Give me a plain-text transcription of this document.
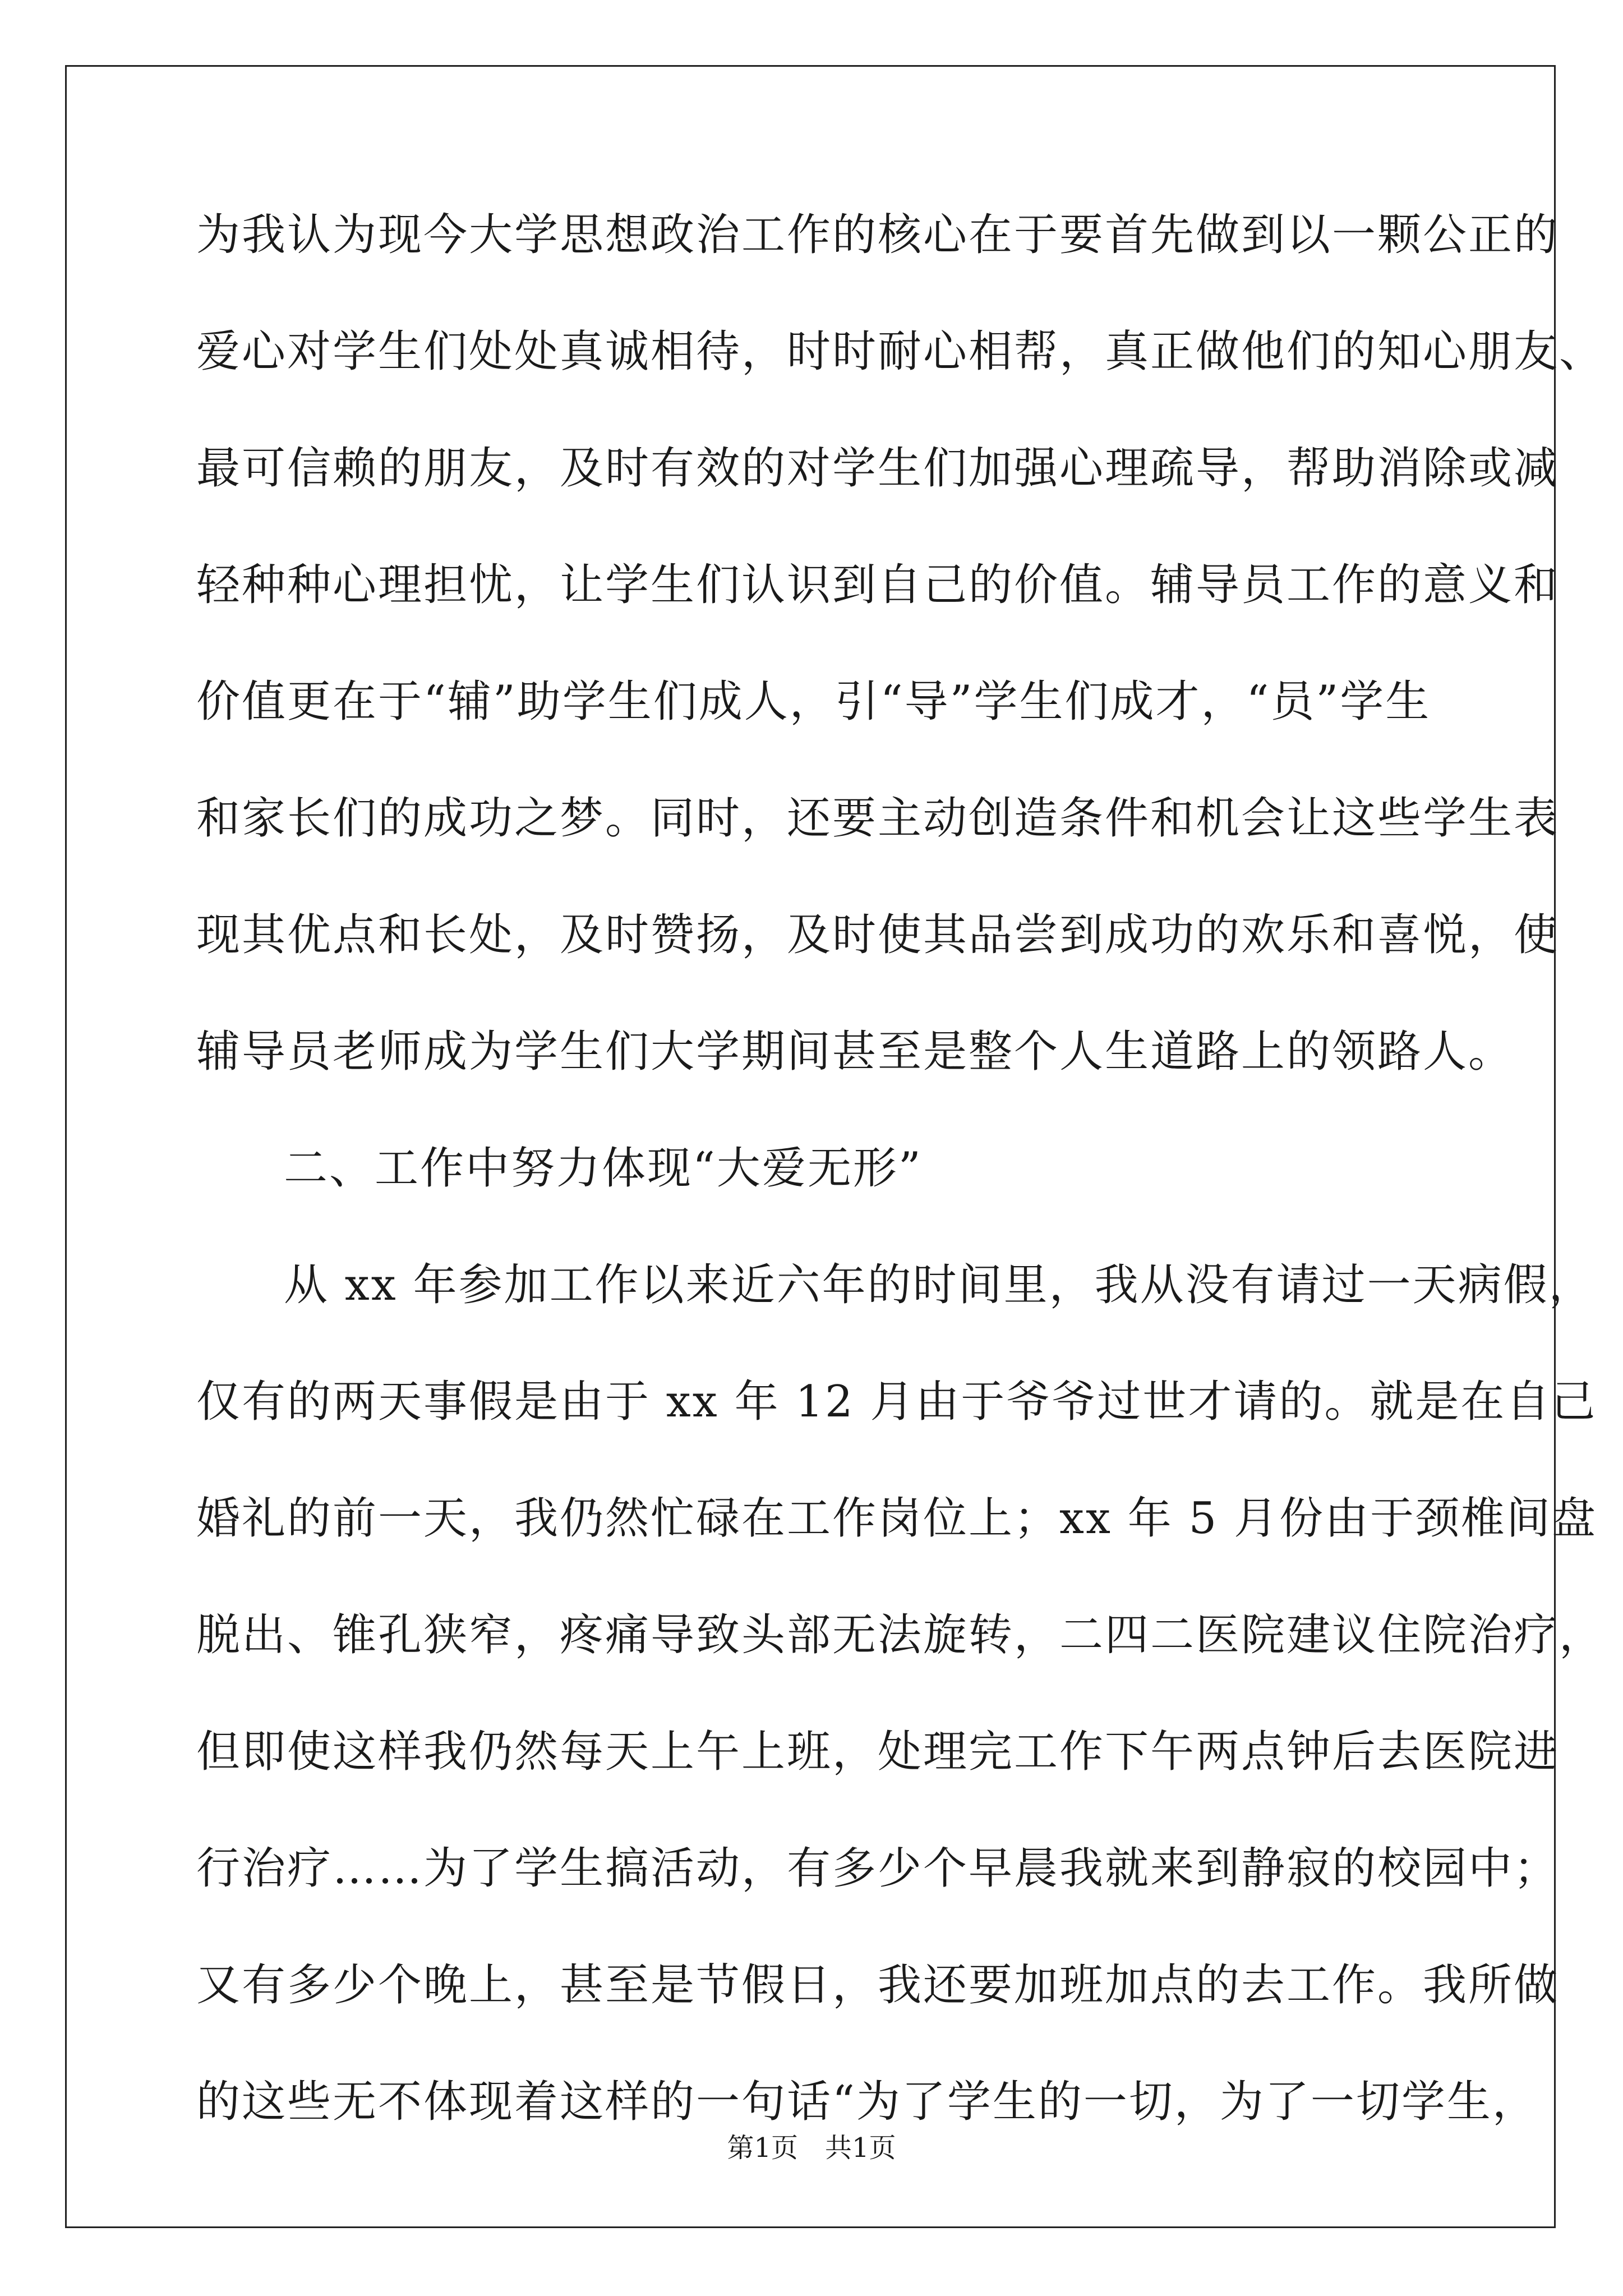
为我认为现今大学思想政治工作的核心在于要首先做到以一颗公正的
爱心对学生们处处真诚相待，时时耐心相帮，真正做他们的知心朋友、
最可信赖的朋友，及时有效的对学生们加强心理疏导，帮助消除或减
轻种种心理担忧，让学生们认识到自己的价值。辅导员工作的意义和
价值更在于“辅”助学生们成人，引“导”学生们成才，“员”学生
和家长们的成功之梦。同时，还要主动创造条件和机会让这些学生表
现其优点和长处，及时赞扬，及时使其品尝到成功的欢乐和喜悦，使
辅导员老师成为学生们大学期间甚至是整个人生道路上的领路人。
二、工作中努力体现“大爱无形”
从 xx 年参加工作以来近六年的时间里，我从没有请过一天病假，
仅有的两天事假是由于 xx 年 12 月由于爷爷过世才请的。就是在自己
婚礼的前一天，我仍然忙碌在工作岗位上；xx 年 5 月份由于颈椎间盘
脱出、锥孔狭窄，疼痛导致头部无法旋转，二四二医院建议住院治疗，
但即使这样我仍然每天上午上班，处理完工作下午两点钟后去医院进
行治疗……为了学生搞活动，有多少个早晨我就来到静寂的校园中；
又有多少个晚上，甚至是节假日，我还要加班加点的去工作。我所做
的这些无不体现着这样的一句话“为了学生的一切，为了一切学生，
第1页　共1页
